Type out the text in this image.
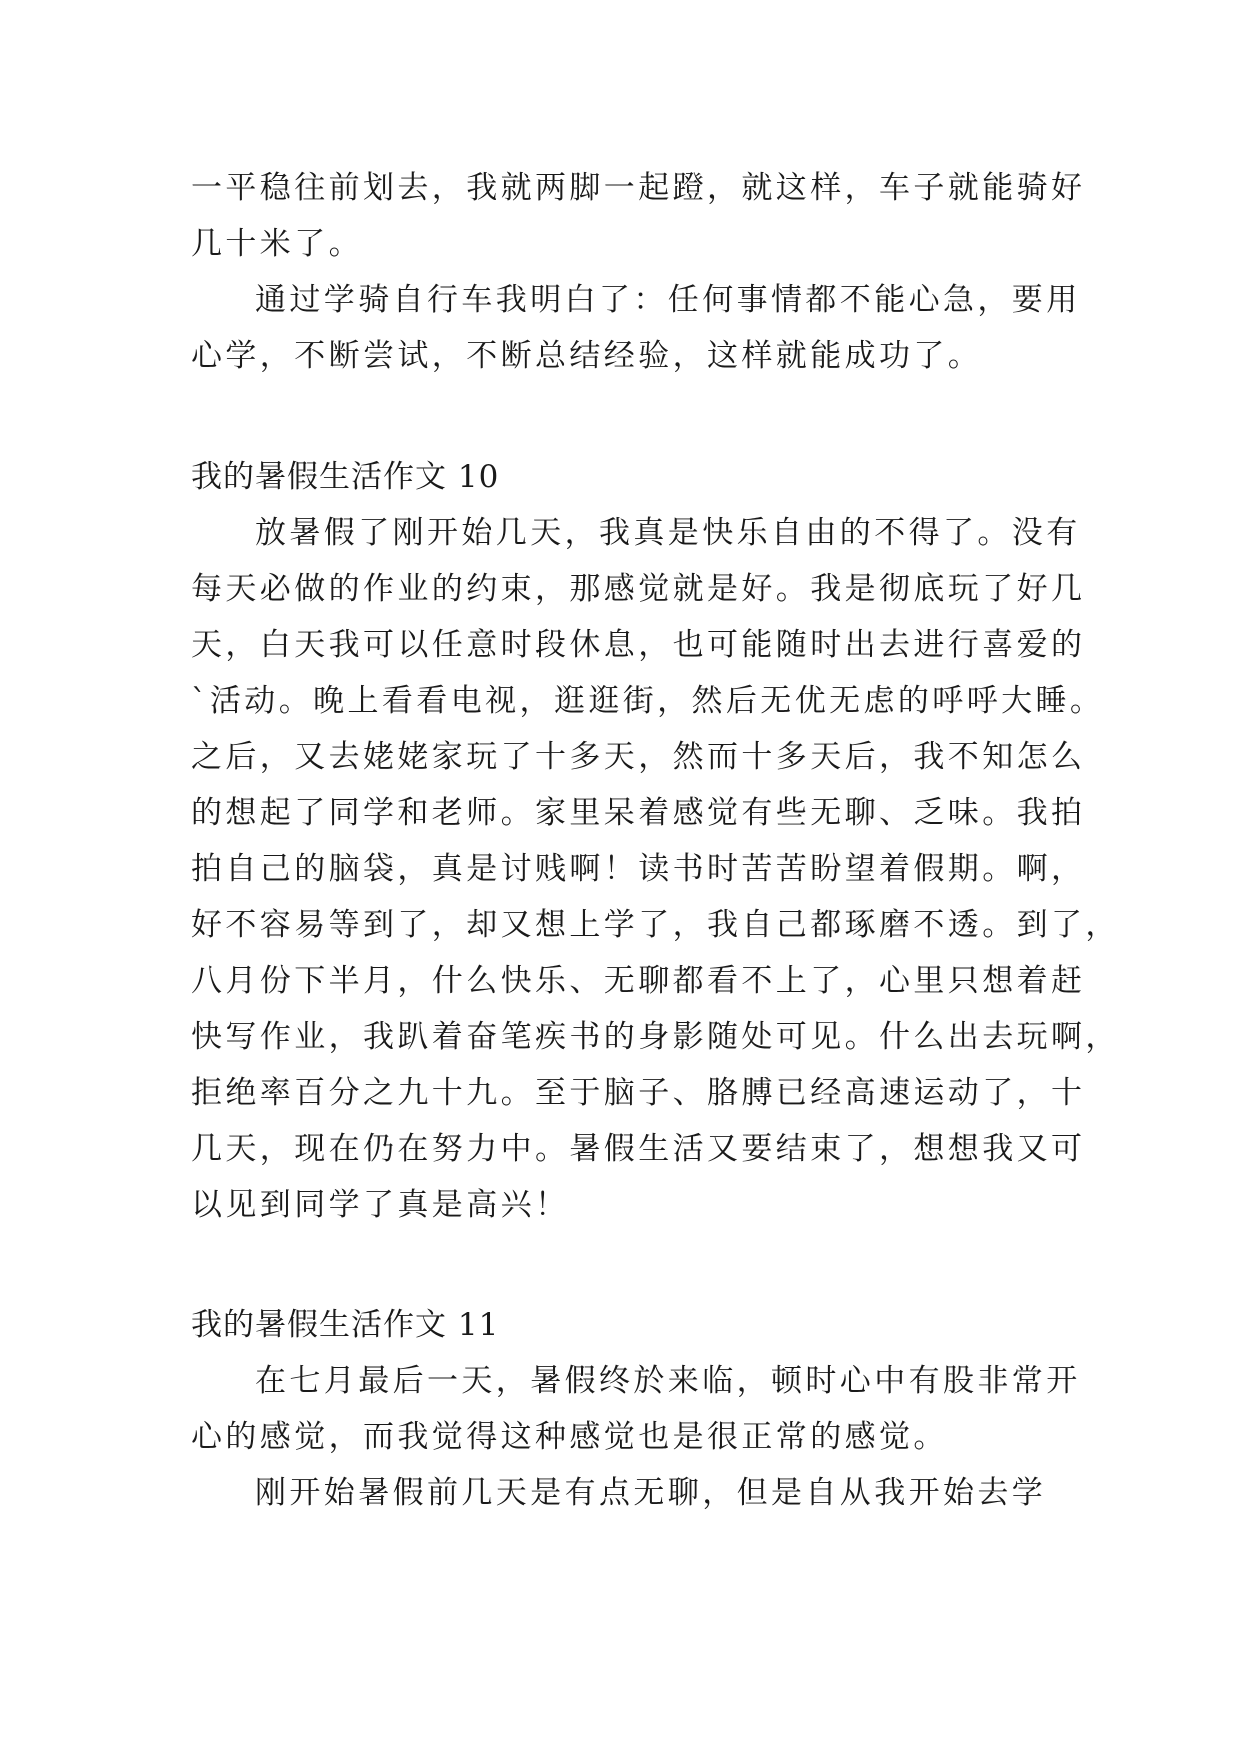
一平稳往前划去，我就两脚一起蹬，就这样，车子就能骑好
几十米了。
通过学骑自行车我明白了：任何事情都不能心急，要用
心学，不断尝试，不断总结经验，这样就能成功了。
我的暑假生活作文 10
放暑假了刚开始几天，我真是快乐自由的不得了。没有
每天必做的作业的约束，那感觉就是好。我是彻底玩了好几
天，白天我可以任意时段休息，也可能随时出去进行喜爱的
`活动。晚上看看电视，逛逛街，然后无优无虑的呼呼大睡。
之后，又去姥姥家玩了十多天，然而十多天后，我不知怎么
的想起了同学和老师。家里呆着感觉有些无聊、乏味。我拍
拍自己的脑袋，真是讨贱啊！读书时苦苦盼望着假期。啊，
好不容易等到了，却又想上学了，我自己都琢磨不透。到了，
八月份下半月，什么快乐、无聊都看不上了，心里只想着赶
快写作业，我趴着奋笔疾书的身影随处可见。什么出去玩啊，
拒绝率百分之九十九。至于脑子、胳膊已经高速运动了，十
几天，现在仍在努力中。暑假生活又要结束了，想想我又可
以见到同学了真是高兴！
我的暑假生活作文 11
在七月最后一天，暑假终於来临，顿时心中有股非常开
心的感觉，而我觉得这种感觉也是很正常的感觉。
刚开始暑假前几天是有点无聊，但是自从我开始去学
